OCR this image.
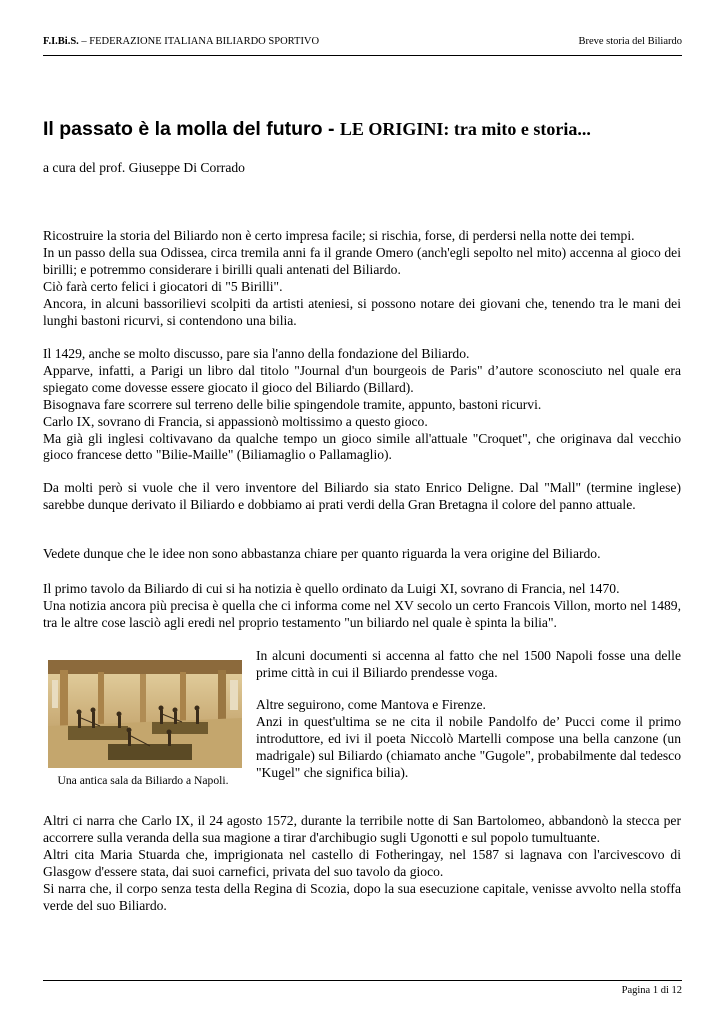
F.I.Bi.S. – FEDERAZIONE ITALIANA BILIARDO SPORTIVO	Breve storia del Biliardo
Il passato è la molla del futuro - LE ORIGINI: tra mito e storia...
a cura del prof. Giuseppe Di Corrado

Ricostruire la storia del Biliardo non è certo impresa facile; si rischia, forse, di perdersi nella notte dei tempi.

In un passo della sua Odissea, circa tremila anni fa il grande Omero (anch'egli sepolto nel mito) accenna al gioco dei birilli; e potremmo considerare i birilli quali antenati del Biliardo.

Ciò farà certo felici i giocatori di "5 Birilli".

Ancora, in alcuni bassorilievi scolpiti da artisti ateniesi, si possono notare dei giovani che, tenendo tra le mani dei lunghi bastoni ricurvi, si contendono una bilia.

Il 1429, anche se molto discusso, pare sia l'anno della fondazione del Biliardo.

Apparve, infatti, a Parigi un libro dal titolo "Journal d'un bourgeois de Paris" d’autore sconosciuto nel quale era spiegato come dovesse essere giocato il gioco del Biliardo (Billard).

Bisognava fare scorrere sul terreno delle bilie spingendole tramite, appunto, bastoni ricurvi.

Carlo IX, sovrano di Francia, si appassionò moltissimo a questo gioco.

Ma già gli inglesi coltivavano da qualche tempo un gioco simile all'attuale "Croquet", che originava dal vecchio gioco francese detto "Bilie-Maille" (Biliamaglio o Pallamaglio).

Da molti però si vuole che il vero inventore del Biliardo sia stato Enrico Deligne. Dal "Mall" (termine inglese) sarebbe dunque derivato il Biliardo e dobbiamo ai prati verdi della Gran Bretagna il colore del panno attuale.

Vedete dunque che le idee non sono abbastanza chiare per quanto riguarda la vera origine del Biliardo.

Il primo tavolo da Biliardo di cui si ha notizia è quello ordinato da Luigi XI, sovrano di Francia, nel 1470.

Una notizia ancora più precisa è quella che ci informa come nel XV secolo un certo Francois Villon, morto nel 1489, tra le altre cose lasciò agli eredi nel proprio testamento "un biliardo nel quale è spinta la bilia".

Una antica sala da Biliardo a Napoli.

In alcuni documenti si accenna al fatto che nel 1500 Napoli fosse una delle prime città in cui il Biliardo prendesse voga.

Altre seguirono, come Mantova e Firenze.

Anzi in quest'ultima se ne cita il nobile Pandolfo de’ Pucci come il primo introduttore, ed ivi il poeta Niccolò Martelli compose una bella canzone (un madrigale) sul Biliardo (chiamato anche "Gugole", probabilmente dal tedesco "Kugel" che significa bilia).

Altri ci narra che Carlo IX, il 24 agosto 1572, durante la terribile notte di San Bartolomeo, abbandonò la stecca per accorrere sulla veranda della sua magione a tirar d'archibugio sugli Ugonotti e sul popolo tumultuante.

Altri cita Maria Stuarda che, imprigionata nel castello di Fotheringay, nel 1587 si lagnava con l'arcivescovo di Glasgow d'essere stata, dai suoi carnefici, privata del suo tavolo da gioco.

Si narra che, il corpo senza testa della Regina di Scozia, dopo la sua esecuzione capitale, venisse avvolto nella stoffa verde del suo Biliardo.

Pagina 1 di 12
